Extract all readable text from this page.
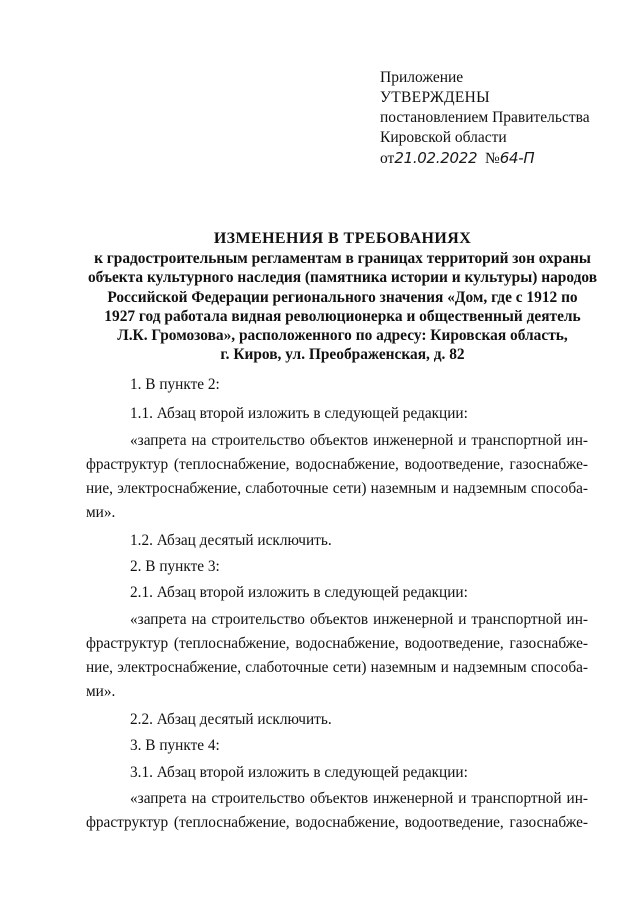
Приложение

УТВЕРЖДЕНЫ

постановлением Правительства

Кировской области

от21.02.2022 №64-П

ИЗМЕНЕНИЯ В ТРЕБОВАНИЯХ
к градостроительным регламентам в границах территорий зон охраны
объекта культурного наследия (памятника истории и культуры) народов
Российской Федерации регионального значения «Дом, где с 1912 по
1927 год работала видная революционерка и общественный деятель
Л.К. Громозова», расположенного по адресу: Кировская область,
г. Киров, ул. Преображенская, д. 82
1. В пункте 2:
1.1. Абзац второй изложить в следующей редакции:
«запрета на строительство объектов инженерной и транспортной ин-
фраструктур (теплоснабжение, водоснабжение, водоотведение, газоснабже-
ние, электроснабжение, слаботочные сети) наземным и надземным способа-
ми».
1.2. Абзац десятый исключить.
2. В пункте 3:
2.1. Абзац второй изложить в следующей редакции:
«запрета на строительство объектов инженерной и транспортной ин-
фраструктур (теплоснабжение, водоснабжение, водоотведение, газоснабже-
ние, электроснабжение, слаботочные сети) наземным и надземным способа-
ми».
2.2. Абзац десятый исключить.
3. В пункте 4:
3.1. Абзац второй изложить в следующей редакции:
«запрета на строительство объектов инженерной и транспортной ин-
фраструктур (теплоснабжение, водоснабжение, водоотведение, газоснабже-
